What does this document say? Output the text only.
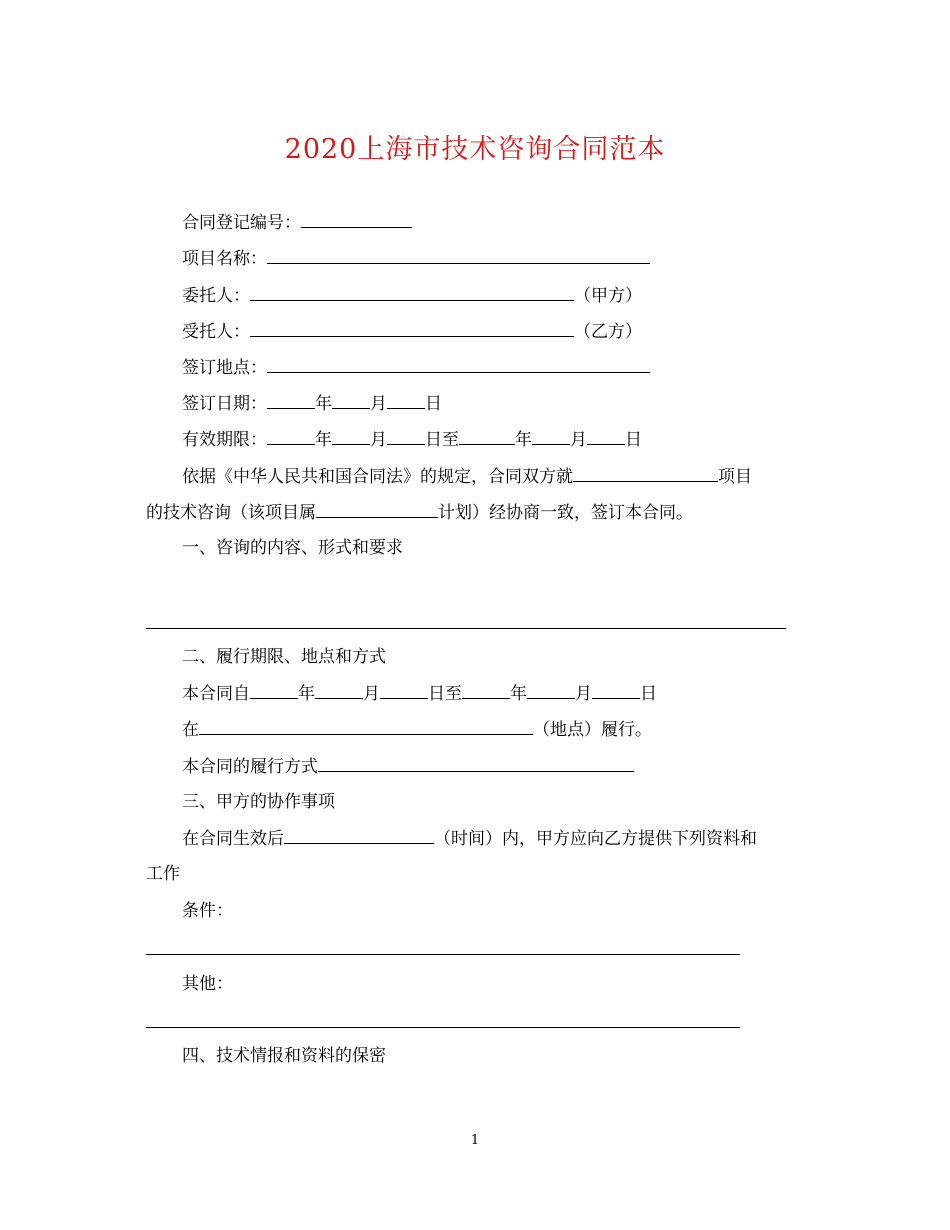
2020上海市技术咨询合同范本
合同登记编号：
项目名称：
委托人：	（甲方）
受托人：	（乙方）
签订地点：
签订日期：	年 月 日
有效期限：	年 月 日至	年 月 日
依据《中华人民共和国合同法》的规定，合同双方就	项目
的技术咨询（该项目属	计划）经协商一致，签订本合同。
一、咨询的内容、形式和要求
二、履行期限、地点和方式
本合同自	年	月	日至	年	月	日
在	（地点）履行。
本合同的履行方式
三、甲方的协作事项
在合同生效后	（时间）内，甲方应向乙方提供下列资料和
工作
条件：
其他：
四、技术情报和资料的保密
1
